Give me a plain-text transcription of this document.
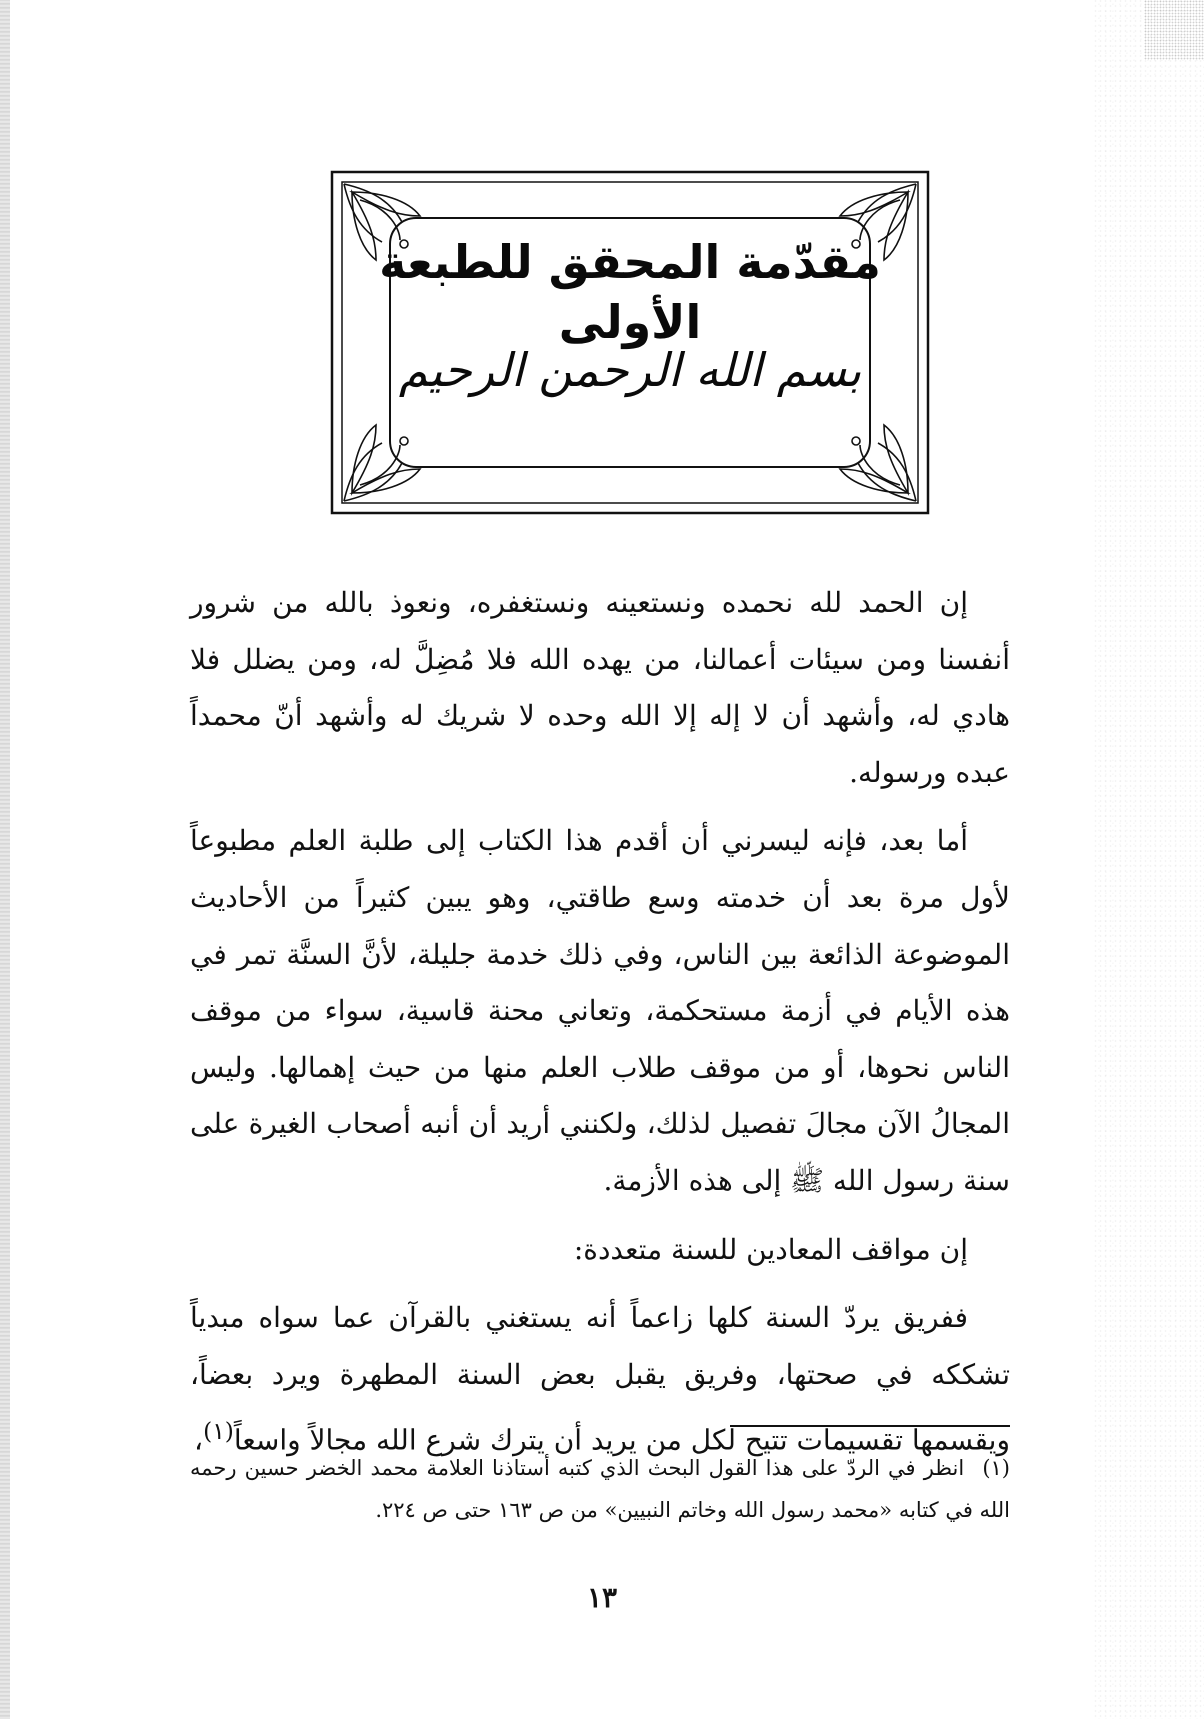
مقدّمة المحقق للطبعة الأولى
بسم الله الرحمن الرحيم

إن الحمد لله نحمده ونستعينه ونستغفره، ونعوذ بالله من شرور أنفسنا ومن سيئات أعمالنا، من يهده الله فلا مُضِلَّ له، ومن يضلل فلا هادي له، وأشهد أن لا إله إلا الله وحده لا شريك له وأشهد أنّ محمداً عبده ورسوله.

أما بعد، فإنه ليسرني أن أقدم هذا الكتاب إلى طلبة العلم مطبوعاً لأول مرة بعد أن خدمته وسع طاقتي، وهو يبين كثيراً من الأحاديث الموضوعة الذائعة بين الناس، وفي ذلك خدمة جليلة، لأنَّ السنَّة تمر في هذه الأيام في أزمة مستحكمة، وتعاني محنة قاسية، سواء من موقف الناس نحوها، أو من موقف طلاب العلم منها من حيث إهمالها. وليس المجالُ الآن مجالَ تفصيل لذلك، ولكنني أريد أن أنبه أصحاب الغيرة على سنة رسول الله ﷺ إلى هذه الأزمة.

إن مواقف المعادين للسنة متعددة:

ففريق يردّ السنة كلها زاعماً أنه يستغني بالقرآن عما سواه مبدياً تشككه في صحتها، وفريق يقبل بعض السنة المطهرة ويرد بعضاً، ويقسمها تقسيمات تتيح لكل من يريد أن يترك شرع الله مجالاً واسعاً$^{(١)}$،

(١) انظر في الردّ على هذا القول البحث الذي كتبه أستاذنا العلامة محمد الخضر حسين رحمه الله في كتابه «محمد رسول الله وخاتم النبيين» من ص ١٦٣ حتى ص ٢٢٤.
١٣
